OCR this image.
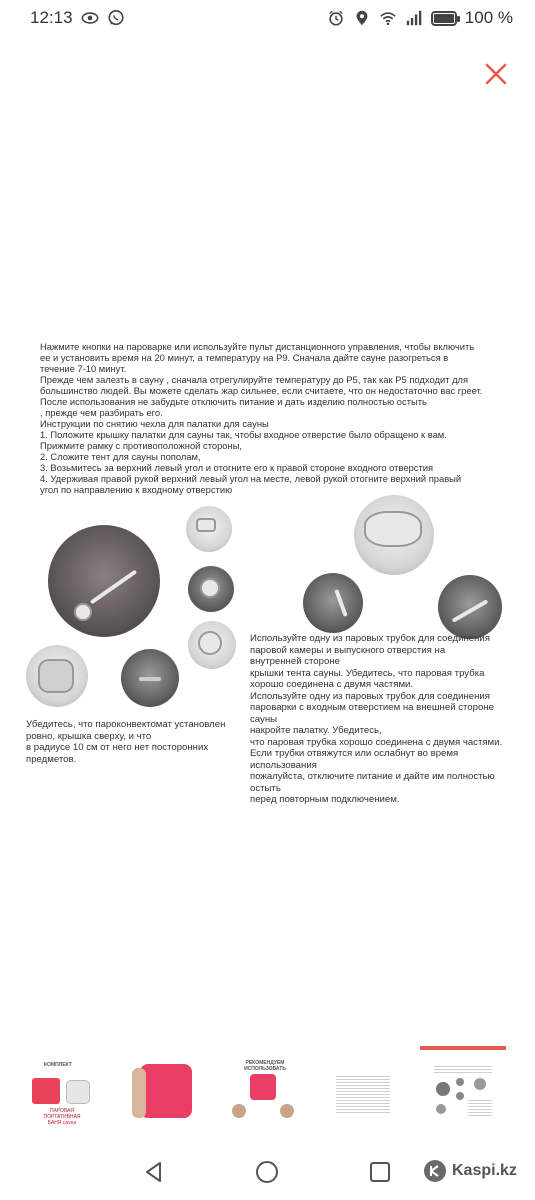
12:13	100 %
Нажмите кнопки на пароварке или используйте пульт дистанционного управления, чтобы включить
ее и установить время на 20 минут, а температуру на P9. Сначала дайте сауне разогреться в
течение 7-10 минут.
Прежде чем залезть в сауну , сначала отрегулируйте температуру до P5, так как P5 подходит для
большинство людей. Вы можете сделать жар сильнее, если считаете, что он недостаточно вас греет.
После использования не забудьте отключить питание и дать изделию полностью остыть
, прежде чем разбирать его.
Инструкции по снятию чехла для палатки для сауны
1. Положите крышку палатки для сауны так, чтобы входное отверстие было обращено к вам.
Прижмите рамку с противоположной стороны,
2. Сложите тент для сауны пополам,
3. Возьмитесь за верхний левый угол и отогните его к правой стороне входного отверстия
4. Удерживая правой рукой верхний левый угол на месте, левой рукой отогните верхний правый
угол по направлению к входному отверстию
Убедитесь, что пароконвектомат установлен
ровно, крышка сверху, и что
в радиусе 10 см от него нет посторонних
предметов.
Используйте одну из паровых трубок для соединения
паровой камеры и выпускного отверстия на
внутренней стороне
крышки тента сауны. Убедитесь, что паровая трубка
хорошо соединена с двумя частями.
Используйте одну из паровых трубок для соединения
пароварки с входным отверстием на внешней стороне
сауны
накройте палатку. Убедитесь,
что паровая трубка хорошо соединена с двумя частями.
Если трубки отвяжутся или ослабнут во время
использования
пожалуйста, отключите питание и дайте им полностью
остыть
перед повторным подключением.
КОМПЛЕКТ
ПАРОВАЯ ПОРТАТИВНАЯ БАНЯ сауна
РЕКОМЕНДУЕМ ИСПОЛЬЗОВАТЬ
Kaspi.kz
